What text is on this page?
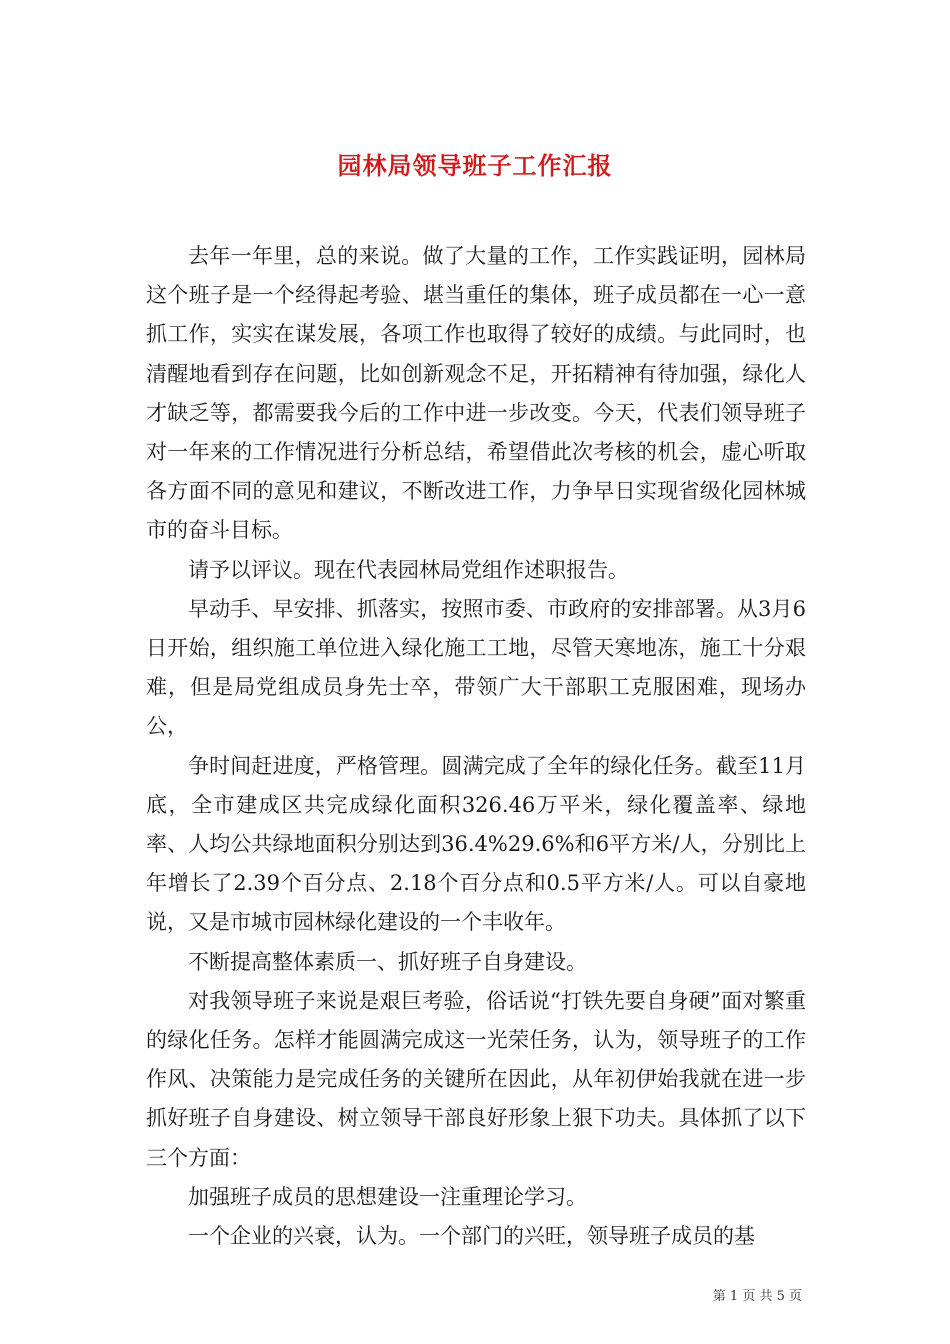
园林局领导班子工作汇报

去年一年里，总的来说。做了大量的工作，工作实践证明，园林局这个班子是一个经得起考验、堪当重任的集体，班子成员都在一心一意抓工作，实实在谋发展，各项工作也取得了较好的成绩。与此同时，也清醒地看到存在问题，比如创新观念不足，开拓精神有待加强，绿化人才缺乏等，都需要我今后的工作中进一步改变。今天，代表们领导班子对一年来的工作情况进行分析总结，希望借此次考核的机会，虚心听取各方面不同的意见和建议，不断改进工作，力争早日实现省级化园林城市的奋斗目标。

请予以评议。现在代表园林局党组作述职报告。

早动手、早安排、抓落实，按照市委、市政府的安排部署。从3月6日开始，组织施工单位进入绿化施工工地，尽管天寒地冻，施工十分艰难，但是局党组成员身先士卒，带领广大干部职工克服困难，现场办公，

争时间赶进度，严格管理。圆满完成了全年的绿化任务。截至11月底，全市建成区共完成绿化面积326.46万平米，绿化覆盖率、绿地率、人均公共绿地面积分别达到36.4%29.6%和6平方米/人，分别比上年增长了2.39个百分点、2.18个百分点和0.5平方米/人。可以自豪地说，又是市城市园林绿化建设的一个丰收年。

不断提高整体素质一、抓好班子自身建设。

对我领导班子来说是艰巨考验，俗话说“打铁先要自身硬”面对繁重的绿化任务。怎样才能圆满完成这一光荣任务，认为，领导班子的工作作风、决策能力是完成任务的关键所在因此，从年初伊始我就在进一步抓好班子自身建设、树立领导干部良好形象上狠下功夫。具体抓了以下三个方面：

加强班子成员的思想建设一注重理论学习。

一个企业的兴衰，认为。一个部门的兴旺，领导班子成员的基

第 1 页 共 5 页
